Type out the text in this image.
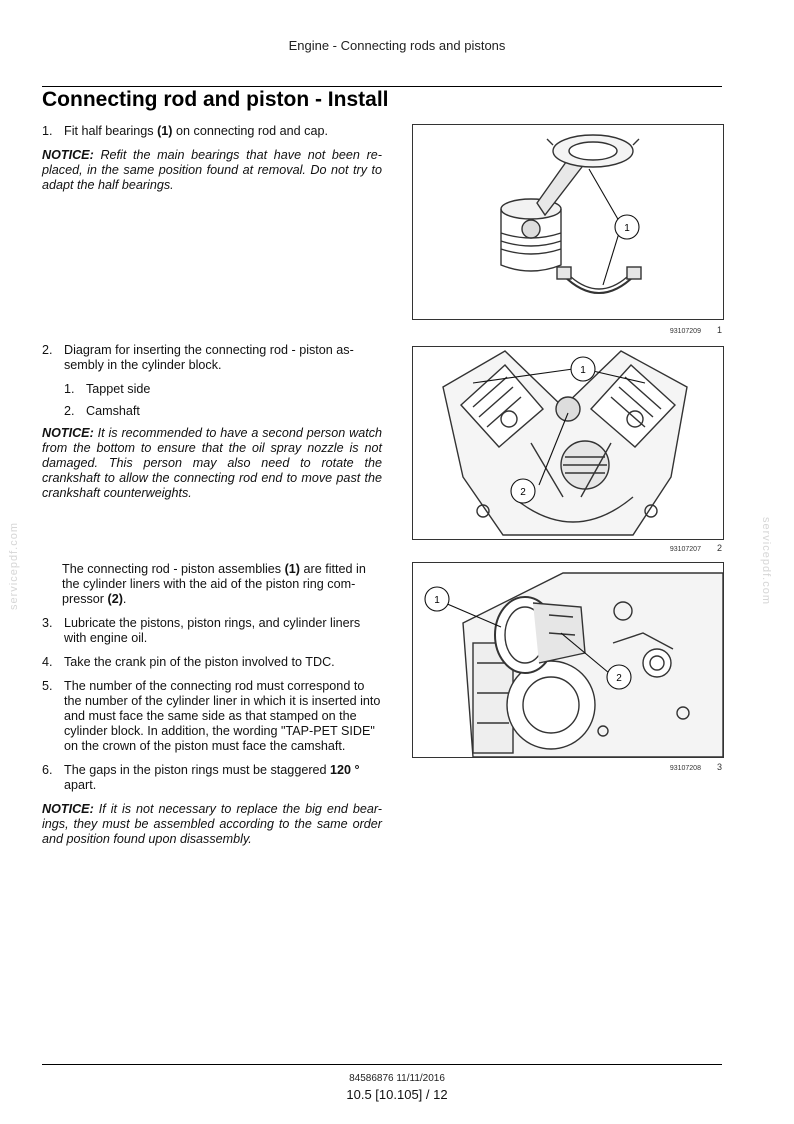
Engine - Connecting rods and pistons
Connecting rod and piston - Install
servicepdf.com	servicepdf.com
1. Fit half bearings (1) on connecting rod and cap.
NOTICE: Refit the main bearings that have not been re-placed, in the same position found at removal. Do not try to adapt the half bearings.
2. Diagram for inserting the connecting rod - piston as-sembly in the cylinder block.
1. Tappet side
2. Camshaft
NOTICE: It is recommended to have a second person watch from the bottom to ensure that the oil spray nozzle is not damaged. This person may also need to rotate the crankshaft to allow the connecting rod end to move past the crankshaft counterweights.
The connecting rod - piston assemblies (1) are fitted in the cylinder liners with the aid of the piston ring com-pressor (2).
3. Lubricate the pistons, piston rings, and cylinder liners with engine oil.
4. Take the crank pin of the piston involved to TDC.
5. The number of the connecting rod must correspond to the number of the cylinder liner in which it is inserted into and must face the same side as that stamped on the cylinder block. In addition, the wording "TAP-PET SIDE" on the crown of the piston must face the camshaft.
6. The gaps in the piston rings must be staggered 120 ° apart.
NOTICE: If it is not necessary to replace the big end bear-ings, they must be assembled according to the same order and position found upon disassembly.
1
93107209 1
1
2
93107207 2
1
2
93107208 3
84586876 11/11/2016
10.5 [10.105] / 12
